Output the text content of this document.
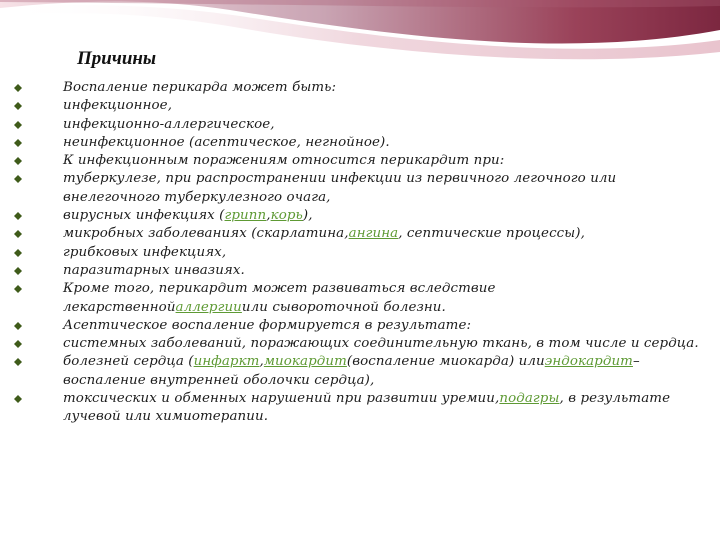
Причины
Воспаление перикарда может быть:
инфекционное,
инфекционно-аллергическое,
неинфекционное (асептическое, негнойное).
К инфекционным поражениям относится перикардит при:
туберкулезе, при распространении инфекции из первичного легочного или внелегочного туберкулезного очага,
вирусных инфекциях (грипп,корь),
микробных заболеваниях (скарлатина,ангина, септические процессы),
грибковых инфекциях,
паразитарных инвазиях.
Кроме того, перикардит может развиваться вследствие лекарственнойаллергииили сывороточной болезни.
Асептическое воспаление формируется в результате:
системных заболеваний, поражающих соединительную ткань, в том числе и сердца.
болезней сердца (инфаркт,миокардит(воспаление миокарда) илиэндокардит– воспаление внутренней оболочки сердца),
токсических и обменных нарушений при развитии уремии,подагры, в результате лучевой или химиотерапии.
